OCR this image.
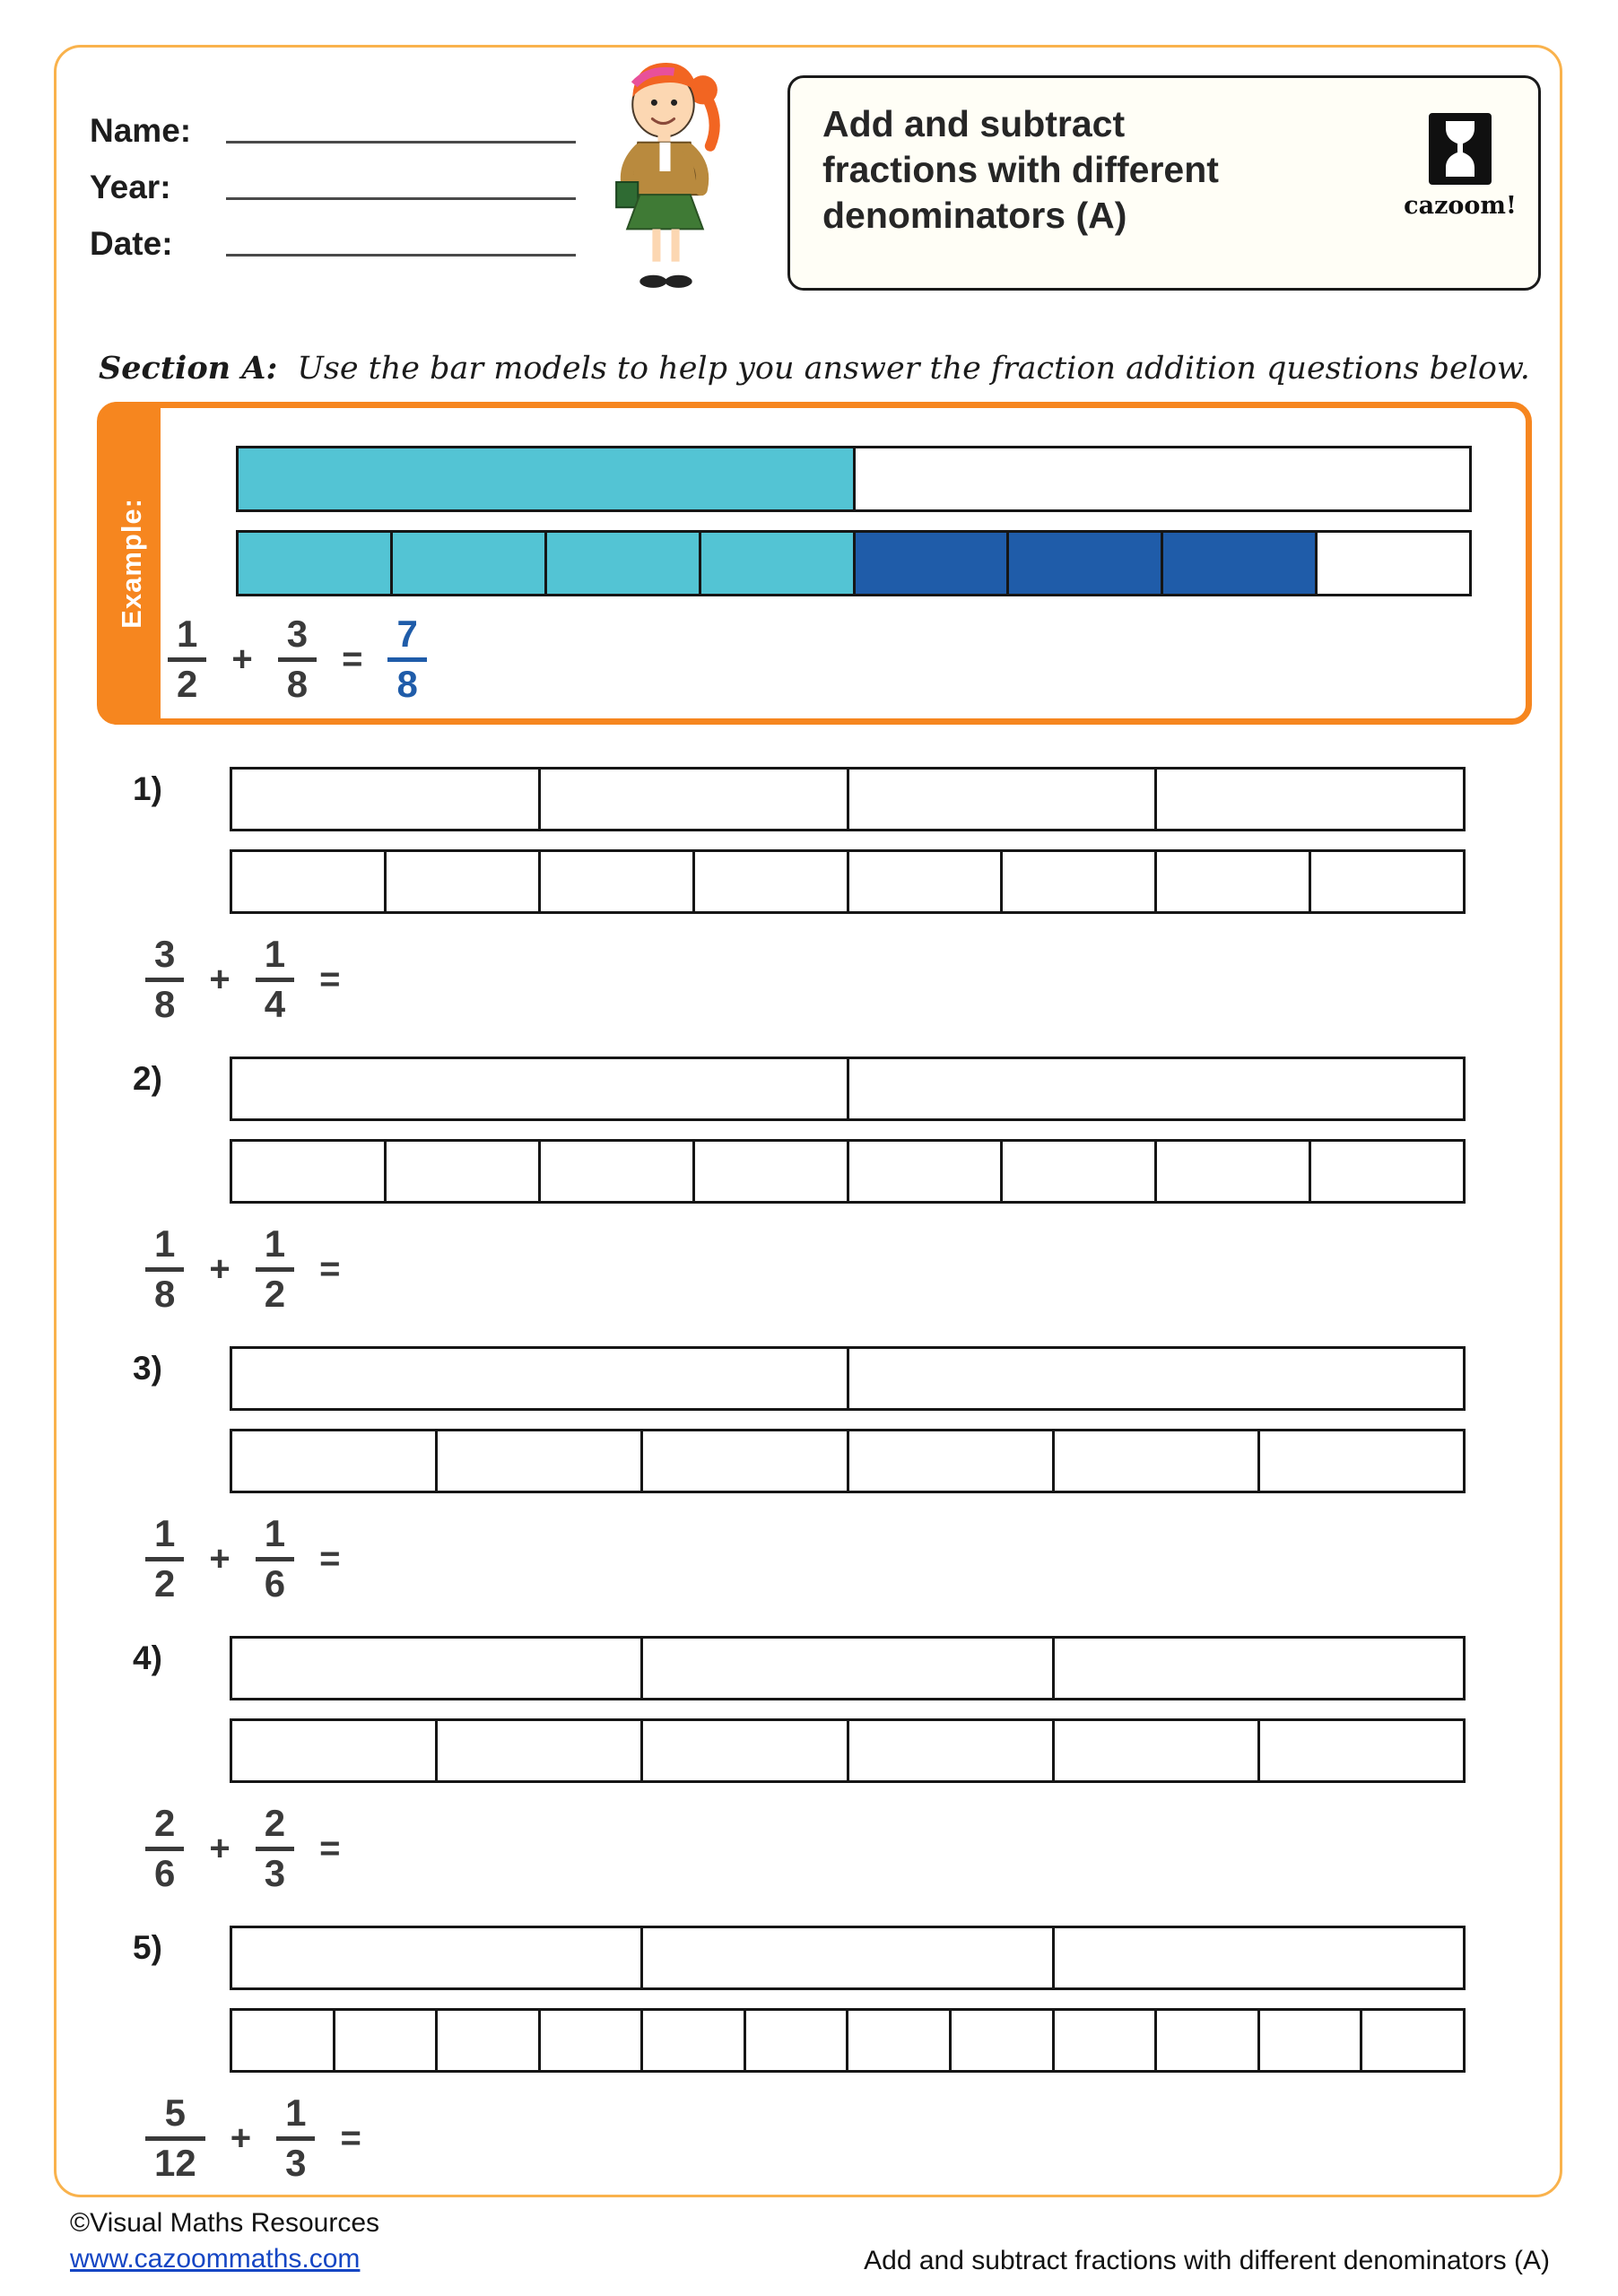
Name:
Year:
Date:
Add and subtract
fractions with different
denominators (A)	cazoom!
Section A: Use the bar models to help you answer the fraction addition questions below.
Example:
1
2
+
3
8
=
7
8
1)
3
8
+
1
4
=
2)
1
8
+
1
2
=
3)
1
2
+
1
6
=
4)
2
6
+
2
3
=
5)
5
12
+
1
3
=
©Visual Maths Resources
www.cazoommaths.com	Add and subtract fractions with different denominators (A)
